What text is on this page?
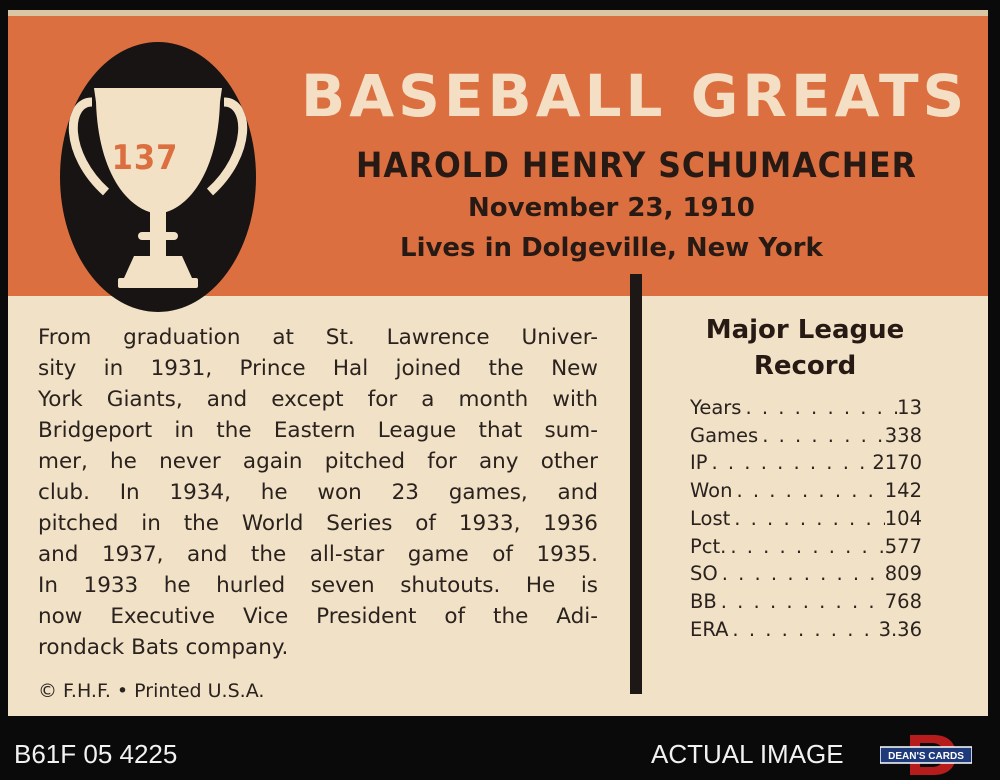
137
BASEBALL GREATS
HAROLD HENRY SCHUMACHER
November 23, 1910
Lives in Dolgeville, New York

From graduation at St. Lawrence Univer-
sity in 1931, Prince Hal joined the New
York Giants, and except for a month with
Bridgeport in the Eastern League that sum-
mer, he never again pitched for any other
club. In 1934, he won 23 games, and
pitched in the World Series of 1933, 1936
and 1937, and the all-star game of 1935.
In 1933 he hurled seven shutouts. He is
now Executive Vice President of the Adi-
rondack Bats company.

© F.H.F. • Printed U.S.A.
Major League
Record
Years . . .	13
Games . . .	338
IP . . .	2170
Won . . .	142
Lost . . .	104
Pct. . . .	.577
SO . . .	809
BB . . .	768
ERA . . .	3.36
B61F 05 4225	ACTUAL IMAGE	DEAN'S CARDS
